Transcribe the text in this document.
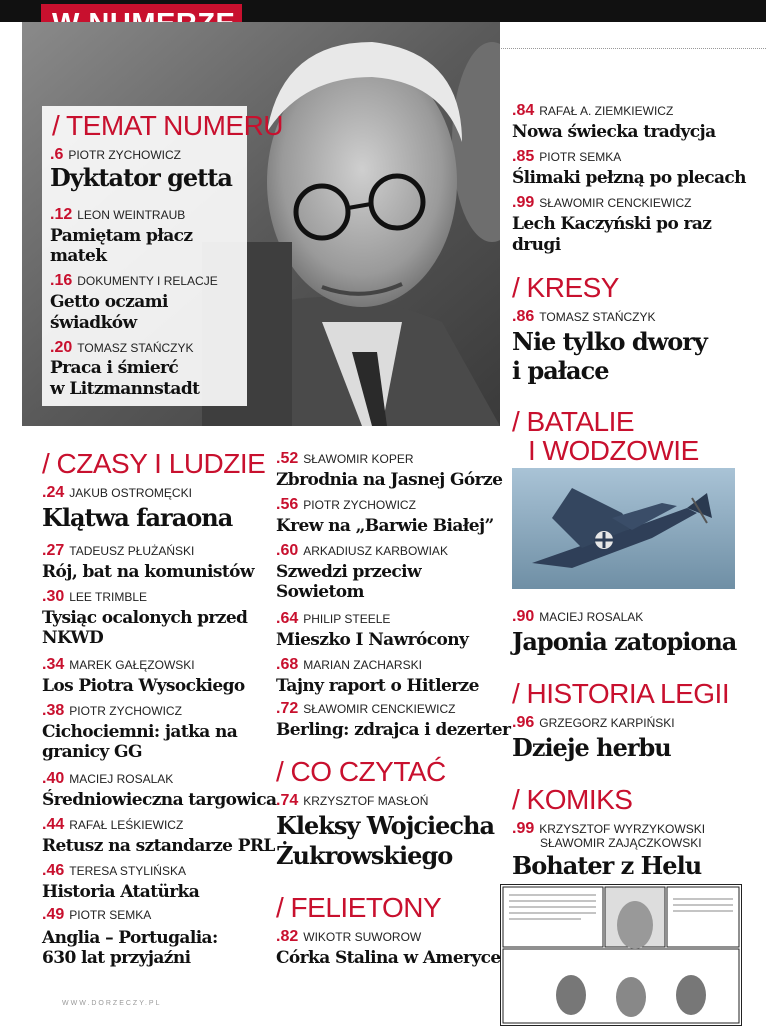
/ TEMAT NUMERU
.6 PIOTR ZYCHOWICZ
Dyktator getta
.12 LEON WEINTRAUB
Pamiętam płacz
matek
.16 DOKUMENTY I RELACJE
Getto oczami
świadków
.20 TOMASZ STAŃCZYK
Praca i śmierć
w Litzmannstadt
.84 RAFAŁ A. ZIEMKIEWICZ
Nowa świecka tradycja
.85 PIOTR SEMKA
Ślimaki pełzną po plecach
.99 SŁAWOMIR CENCKIEWICZ
Lech Kaczyński po raz
drugi
/ KRESY
.86 TOMASZ STAŃCZYK
Nie tylko dwory
i pałace
/ BATALIE
I WODZOWIE
.90 MACIEJ ROSALAK
Japonia zatopiona
/ HISTORIA LEGII
.96 GRZEGORZ KARPIŃSKI
Dzieje herbu
/ KOMIKS
.99 KRZYSZTOF WYRZYKOWSKI
SŁAWOMIR ZAJĄCZKOWSKI
Bohater z Helu
/ CZASY I LUDZIE
.24 JAKUB OSTROMĘCKI
Klątwa faraona
.27 TADEUSZ PŁUŻAŃSKI
Rój, bat na komunistów
.30 LEE TRIMBLE
Tysiąc ocalonych przed
NKWD
.34 MAREK GAŁĘZOWSKI
Los Piotra Wysockiego
.38 PIOTR ZYCHOWICZ
Cichociemni: jatka na
granicy GG
.40 MACIEJ ROSALAK
Średniowieczna targowica
.44 RAFAŁ LEŚKIEWICZ
Retusz na sztandarze PRL
.46 TERESA STYLIŃSKA
Historia Atatürka
.49 PIOTR SEMKA
Anglia – Portugalia:
630 lat przyjaźni
.52 SŁAWOMIR KOPER
Zbrodnia na Jasnej Górze
.56 PIOTR ZYCHOWICZ
Krew na „Barwie Białej”
.60 ARKADIUSZ KARBOWIAK
Szwedzi przeciw
Sowietom
.64 PHILIP STEELE
Mieszko I Nawrócony
.68 MARIAN ZACHARSKI
Tajny raport o Hitlerze
.72 SŁAWOMIR CENCKIEWICZ
Berling: zdrajca i dezerter
/ CO CZYTAĆ
.74 KRZYSZTOF MASŁOŃ
Kleksy Wojciecha
Żukrowskiego
/ FELIETONY
.82 WIKOTR SUWOROW
Córka Stalina w Ameryce
WWW.DORZECZY.PL
